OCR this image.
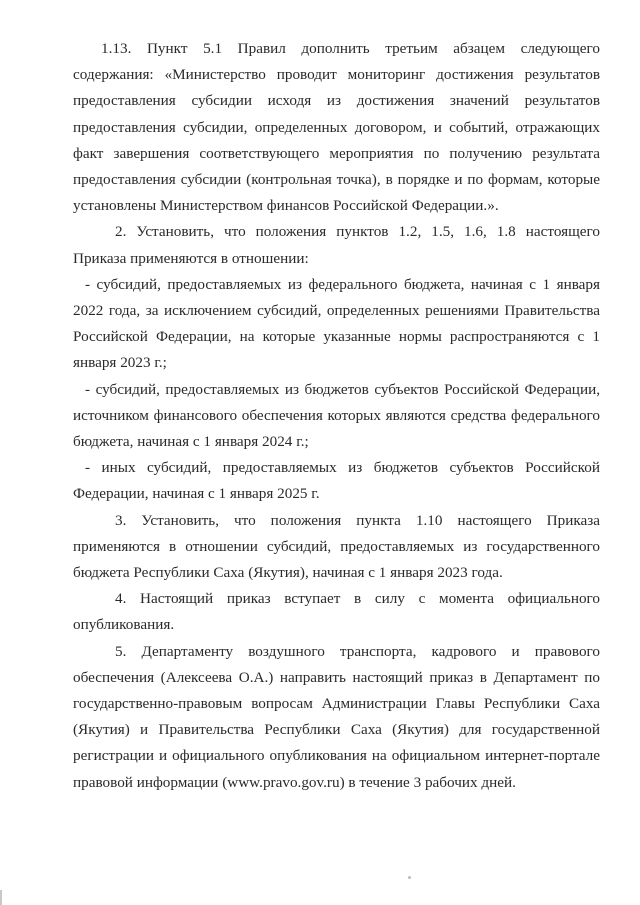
1.13. Пункт 5.1 Правил дополнить третьим абзацем следующего содержания: «Министерство проводит мониторинг достижения результатов предоставления субсидии исходя из достижения значений результатов предоставления субсидии, определенных договором, и событий, отражающих факт завершения соответствующего мероприятия по получению результата предоставления субсидии (контрольная точка), в порядке и по формам, которые установлены Министерством финансов Российской Федерации.».

2. Установить, что положения пунктов 1.2, 1.5, 1.6, 1.8 настоящего Приказа применяются в отношении:

- субсидий, предоставляемых из федерального бюджета, начиная с 1 января 2022 года, за исключением субсидий, определенных решениями Правительства Российской Федерации, на которые указанные нормы распространяются с 1 января 2023 г.;

- субсидий, предоставляемых из бюджетов субъектов Российской Федерации, источником финансового обеспечения которых являются средства федерального бюджета, начиная с 1 января 2024 г.;

- иных субсидий, предоставляемых из бюджетов субъектов Российской Федерации, начиная с 1 января 2025 г.

3. Установить, что положения пункта 1.10 настоящего Приказа применяются в отношении субсидий, предоставляемых из государственного бюджета Республики Саха (Якутия), начиная с 1 января 2023 года.

4. Настоящий приказ вступает в силу с момента официального опубликования.

5. Департаменту воздушного транспорта, кадрового и правового обеспечения (Алексеева О.А.) направить настоящий приказ в Департамент по государственно-правовым вопросам Администрации Главы Республики Саха (Якутия) и Правительства Республики Саха (Якутия) для государственной регистрации и официального опубликования на официальном интернет-портале правовой информации (www.pravo.gov.ru) в течение 3 рабочих дней.
